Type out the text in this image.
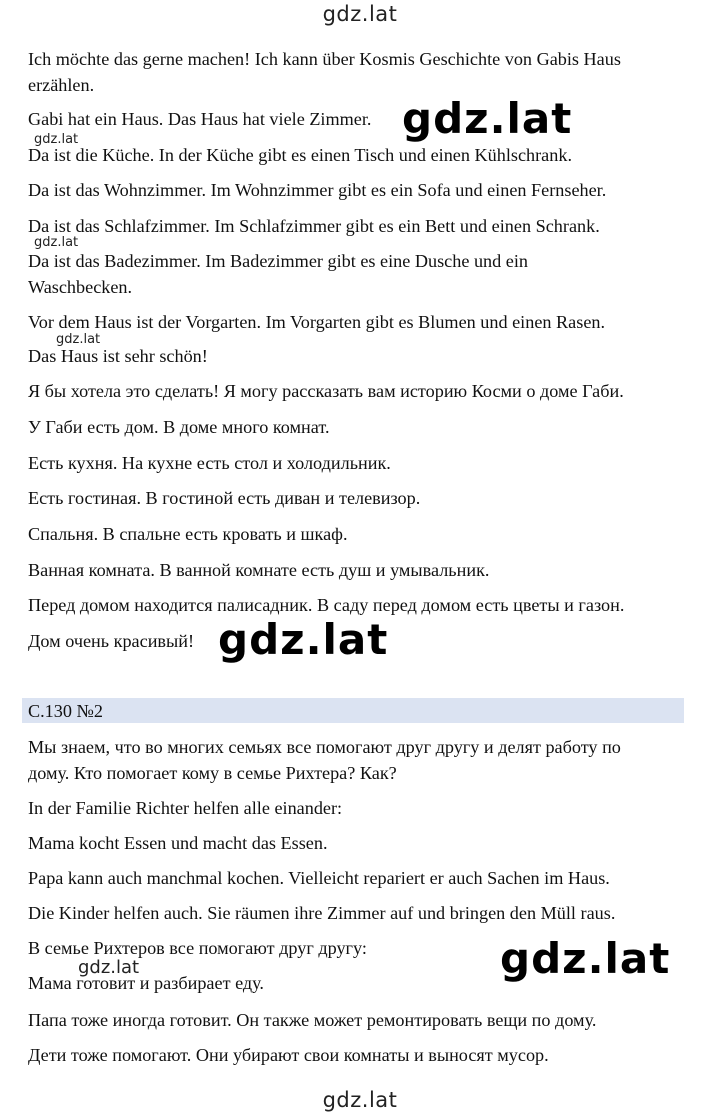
gdz.lat
Ich möchte das gerne machen! Ich kann über Kosmis Geschichte von Gabis Haus
erzählen.
Gabi hat ein Haus. Das Haus hat viele Zimmer.
Da ist die Küche. In der Küche gibt es einen Tisch und einen Kühlschrank.
Da ist das Wohnzimmer. Im Wohnzimmer gibt es ein Sofa und einen Fernseher.
Da ist das Schlafzimmer. Im Schlafzimmer gibt es ein Bett und einen Schrank.
Da ist das Badezimmer. Im Badezimmer gibt es eine Dusche und ein
Waschbecken.
Vor dem Haus ist der Vorgarten. Im Vorgarten gibt es Blumen und einen Rasen.
Das Haus ist sehr schön!
Я бы хотела это сделать! Я могу рассказать вам историю Косми о доме Габи.
У Габи есть дом. В доме много комнат.
Есть кухня. На кухне есть стол и холодильник.
Есть гостиная. В гостиной есть диван и телевизор.
Спальня. В спальне есть кровать и шкаф.
Ванная комната. В ванной комнате есть душ и умывальник.
Перед домом находится палисадник. В саду перед домом есть цветы и газон.
Дом очень красивый!
С.130 №2
Мы знаем, что во многих семьях все помогают друг другу и делят работу по
дому. Кто помогает кому в семье Рихтера? Как?
In der Familie Richter helfen alle einander:
Mama kocht Essen und macht das Essen.
Papa kann auch manchmal kochen. Vielleicht repariert er auch Sachen im Haus.
Die Kinder helfen auch. Sie räumen ihre Zimmer auf und bringen den Müll raus.
В семье Рихтеров все помогают друг другу:
Мама готовит и разбирает еду.
Папа тоже иногда готовит. Он также может ремонтировать вещи по дому.
Дети тоже помогают. Они убирают свои комнаты и выносят мусор.
gdz.lat
gdz.lat
gdz.lat
gdz.lat
gdz.lat
gdz.lat
gdz.lat
gdz.lat
